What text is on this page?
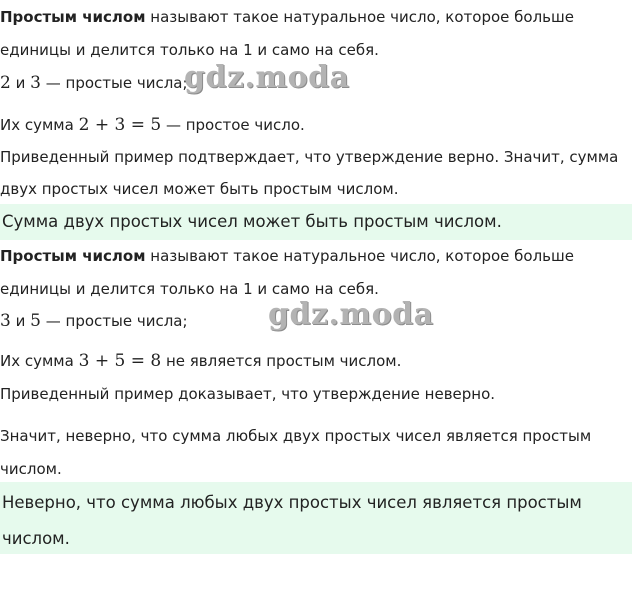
Простым числом называют такое натуральное число, которое больше
единицы и делится только на 1 и само на себя.
2 и 3 — простые числа;
gdz.moda
Их сумма 2 + 3 = 5 — простое число.
Приведенный пример подтверждает, что утверждение верно. Значит, сумма
двух простых чисел может быть простым числом.
Сумма двух простых чисел может быть простым числом.
Простым числом называют такое натуральное число, которое больше
единицы и делится только на 1 и само на себя.
3 и 5 — простые числа;	gdz.moda
Их сумма 3 + 5 = 8 не является простым числом.
Приведенный пример доказывает, что утверждение неверно.
Значит, неверно, что сумма любых двух простых чисел является простым
числом.
Неверно, что сумма любых двух простых чисел является простым
числом.
